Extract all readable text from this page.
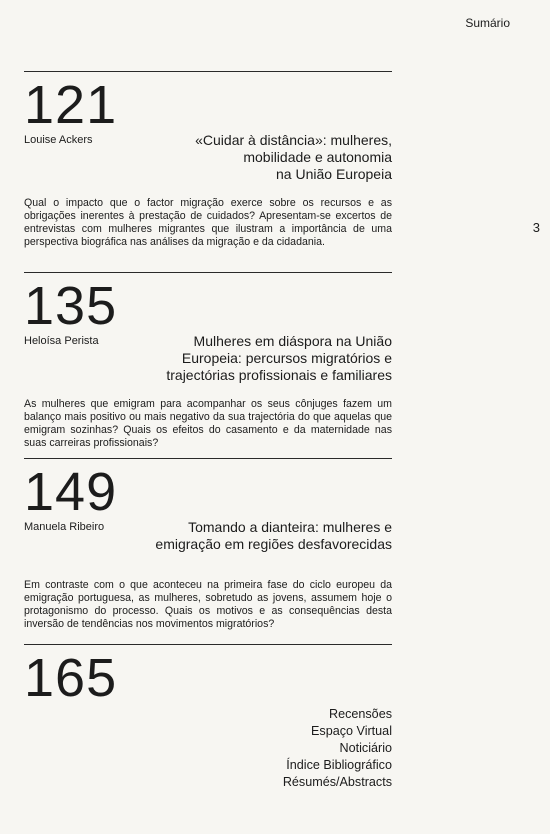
Sumário
3
121
Louise Ackers	«Cuidar à distância»: mulheres,
mobilidade e autonomia
na União Europeia
Qual o impacto que o factor migração exerce sobre os recursos e as obrigações inerentes à prestação de cuidados? Apresentam-se excertos de entrevistas com mulheres migrantes que ilustram a importância de uma perspectiva biográfica nas análises da migração e da cidadania.
135
Heloísa Perista	Mulheres em diáspora na União
Europeia: percursos migratórios e
trajectórias profissionais e familiares
As mulheres que emigram para acompanhar os seus cônjuges fazem um balanço mais positivo ou mais negativo da sua trajectória do que aquelas que emigram sozinhas? Quais os efeitos do casamento e da maternidade nas suas carreiras profissionais?
149
Manuela Ribeiro	Tomando a dianteira: mulheres e
emigração em regiões desfavorecidas
Em contraste com o que aconteceu na primeira fase do ciclo europeu da emigração portuguesa, as mulheres, sobretudo as jovens, assumem hoje o protagonismo do processo. Quais os motivos e as consequências desta inversão de tendências nos movimentos migratórios?
165
Recensões
Espaço Virtual
Noticiário
Índice Bibliográfico
Résumés/Abstracts
